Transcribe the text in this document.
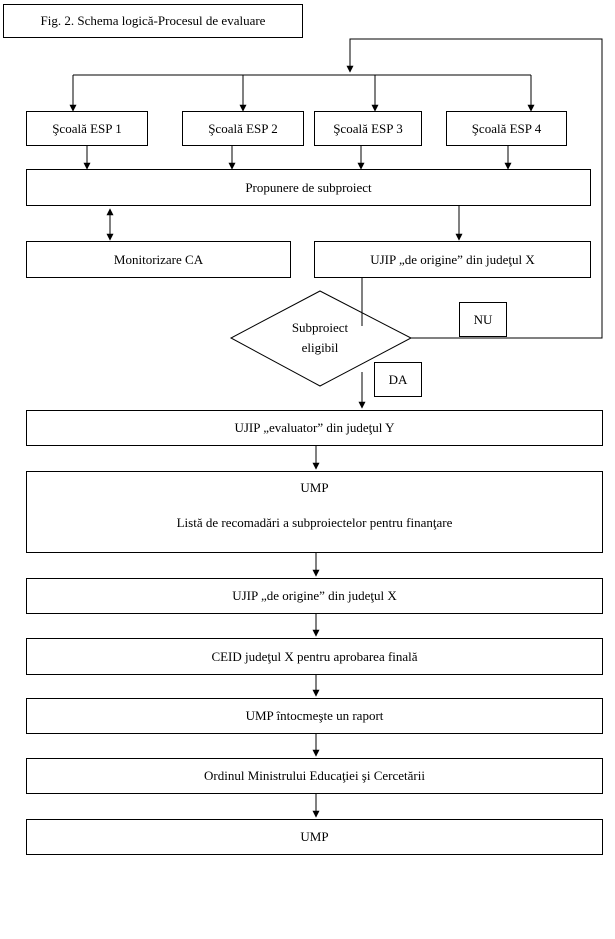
Fig. 2. Schema logică-Procesul de evaluare
Şcoală ESP 1	Şcoală ESP 2	Şcoală ESP 3	Şcoală ESP 4
Propunere de subproiect
Monitorizare CA	UJIP „de origine” din judeţul X
Subproiect
eligibil
NU
DA
UJIP „evaluator” din judeţul Y
UMP
Listă de recomadări a subproiectelor pentru finanţare
UJIP „de origine” din judeţul X
CEID judeţul X pentru aprobarea finală
UMP întocmeşte un raport
Ordinul Ministrului Educaţiei şi Cercetării
UMP
